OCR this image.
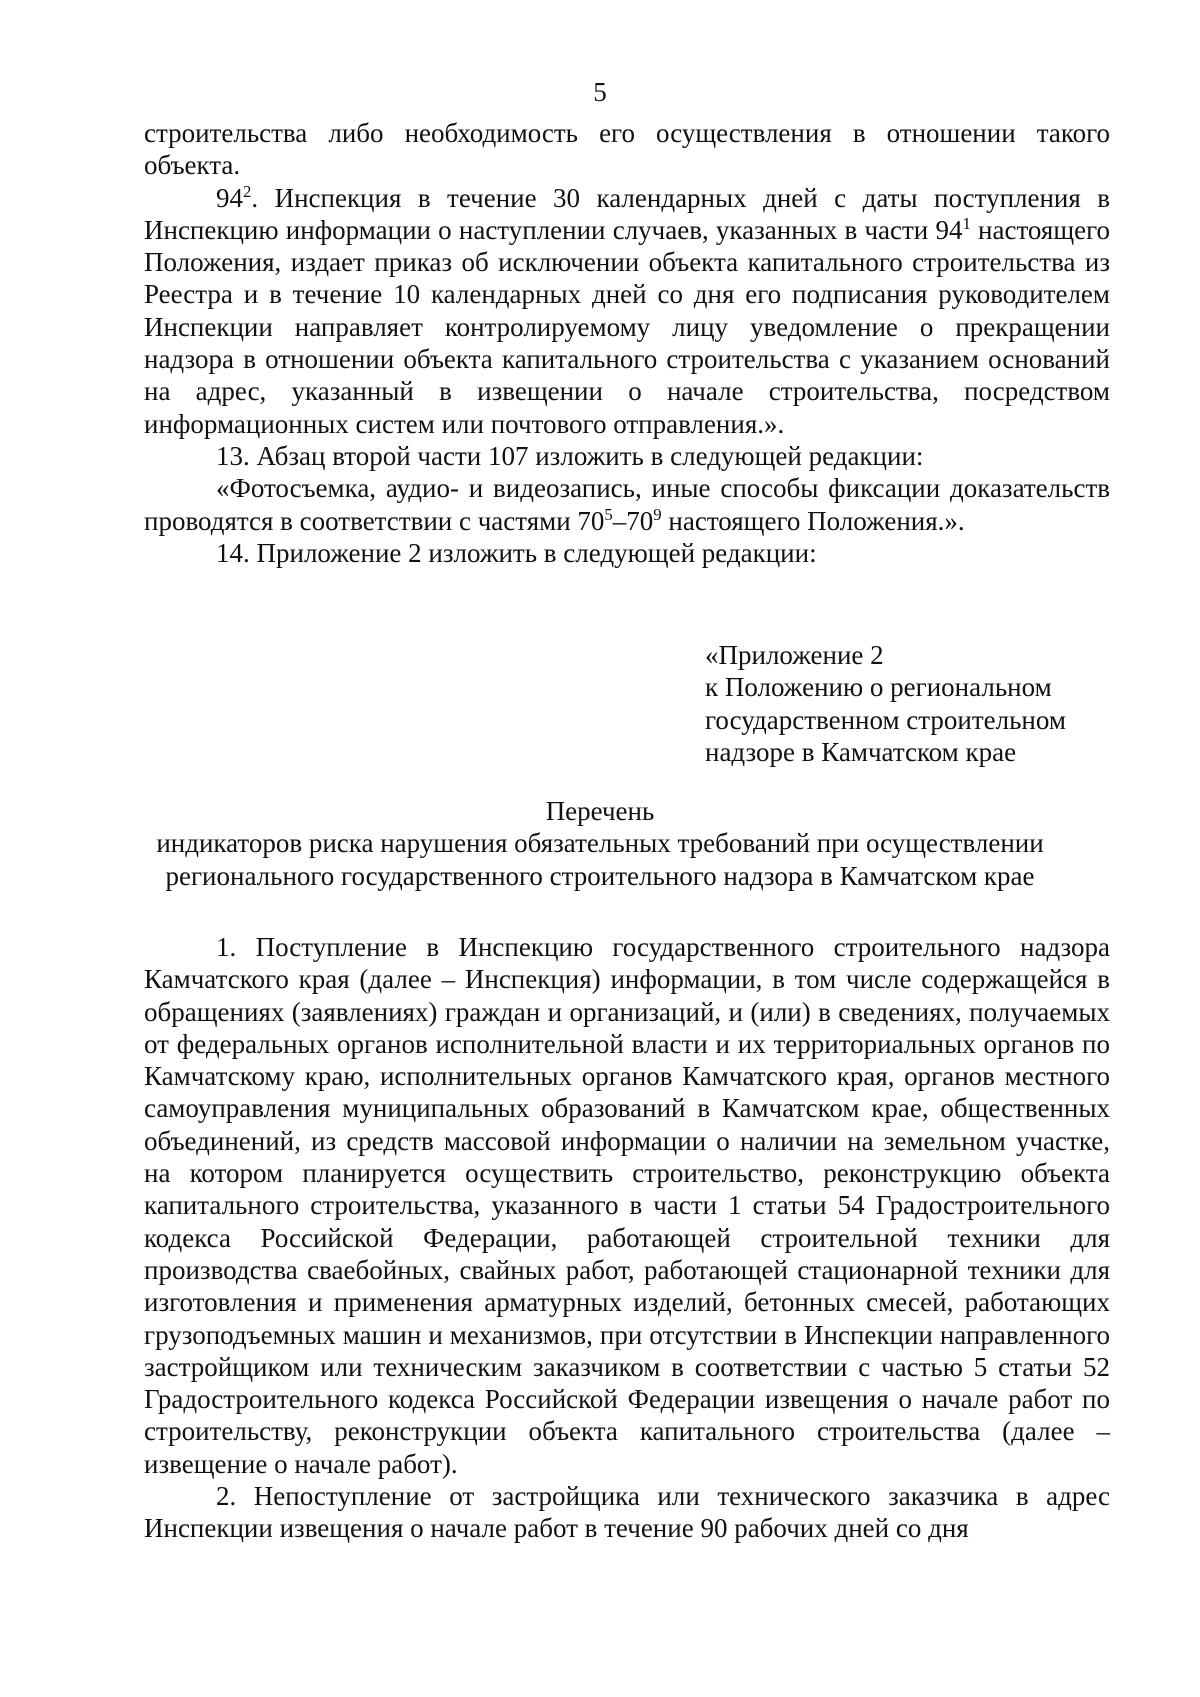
5

строительства либо необходимость его осуществления в отношении такого объекта.

$94^2$. Инспекция в течение 30 календарных дней с даты поступления в Инспекцию информации о наступлении случаев, указанных в части $94^1$ настоящего Положения, издает приказ об исключении объекта капитального строительства из Реестра и в течение 10 календарных дней со дня его подписания руководителем Инспекции направляет контролируемому лицу уведомление о прекращении надзора в отношении объекта капитального строительства с указанием оснований на адрес, указанный в извещении о начале строительства, посредством информационных систем или почтового отправления.».

13. Абзац второй части 107 изложить в следующей редакции:

«Фотосъемка, аудио- и видеозапись, иные способы фиксации доказательств проводятся в соответствии с частями $70^5-70^9$ настоящего Положения.».

14. Приложение 2 изложить в следующей редакции:

«Приложение 2
к Положению о региональном
государственном строительном
надзоре в Камчатском крае
Перечень
индикаторов риска нарушения обязательных требований при осуществлении
регионального государственного строительного надзора в Камчатском крае

1. Поступление в Инспекцию государственного строительного надзора Камчатского края (далее – Инспекция) информации, в том числе содержащейся в обращениях (заявлениях) граждан и организаций, и (или) в сведениях, получаемых от федеральных органов исполнительной власти и их территориальных органов по Камчатскому краю, исполнительных органов Камчатского края, органов местного самоуправления муниципальных образований в Камчатском крае, общественных объединений, из средств массовой информации о наличии на земельном участке, на котором планируется осуществить строительство, реконструкцию объекта капитального строительства, указанного в части 1 статьи 54 Градостроительного кодекса Российской Федерации, работающей строительной техники для производства сваебойных, свайных работ, работающей стационарной техники для изготовления и применения арматурных изделий, бетонных смесей, работающих грузоподъемных машин и механизмов, при отсутствии в Инспекции направленного застройщиком или техническим заказчиком в соответствии с частью 5 статьи 52 Градостроительного кодекса Российской Федерации извещения о начале работ по строительству, реконструкции объекта капитального строительства (далее – извещение о начале работ).

2. Непоступление от застройщика или технического заказчика в адрес Инспекции извещения о начале работ в течение 90 рабочих дней со дня
